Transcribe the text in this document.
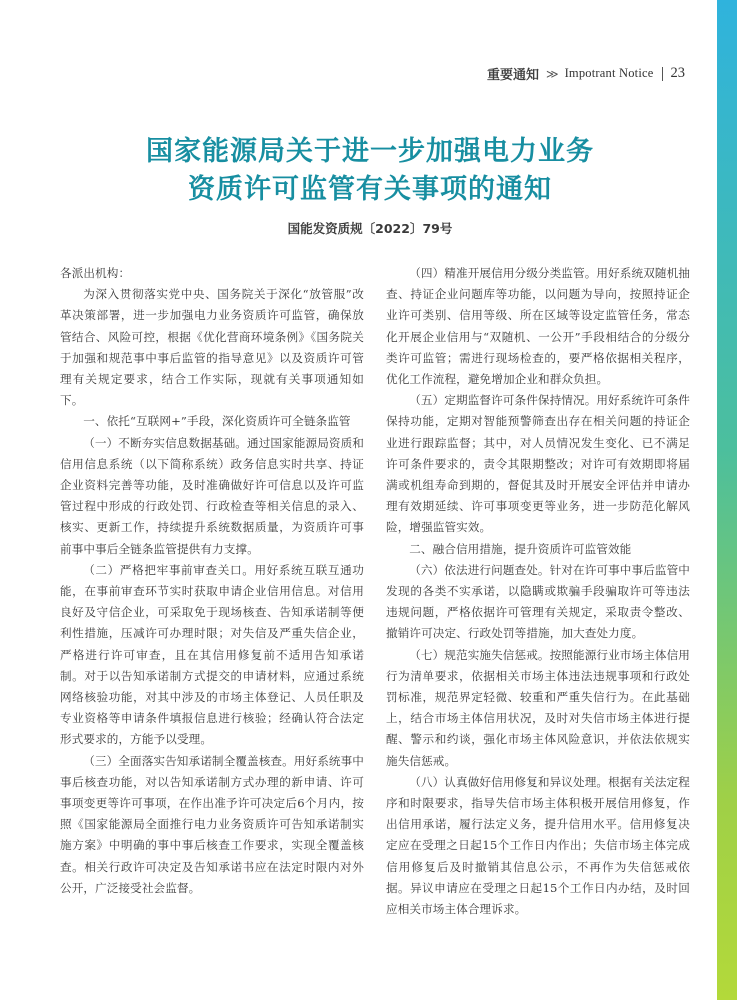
重要通知 ≫ Impotrant Notice 23
国家能源局关于进一步加强电力业务
资质许可监管有关事项的通知
国能发资质规〔2022〕79号

各派出机构：

为深入贯彻落实党中央、国务院关于深化“放管服”改革决策部署，进一步加强电力业务资质许可监管，确保放管结合、风险可控，根据《优化营商环境条例》《国务院关于加强和规范事中事后监管的指导意见》以及资质许可管理有关规定要求，结合工作实际，现就有关事项通知如下。

一、依托“互联网+”手段，深化资质许可全链条监管

（一）不断夯实信息数据基础。通过国家能源局资质和信用信息系统（以下简称系统）政务信息实时共享、持证企业资料完善等功能，及时准确做好许可信息以及许可监管过程中形成的行政处罚、行政检查等相关信息的录入、核实、更新工作，持续提升系统数据质量，为资质许可事前事中事后全链条监管提供有力支撑。

（二）严格把牢事前审查关口。用好系统互联互通功能，在事前审查环节实时获取申请企业信用信息。对信用良好及守信企业，可采取免于现场核查、告知承诺制等便利性措施，压减许可办理时限；对失信及严重失信企业，严格进行许可审查，且在其信用修复前不适用告知承诺制。对于以告知承诺制方式提交的申请材料，应通过系统网络核验功能，对其中涉及的市场主体登记、人员任职及专业资格等申请条件填报信息进行核验；经确认符合法定形式要求的，方能予以受理。

（三）全面落实告知承诺制全覆盖核查。用好系统事中事后核查功能，对以告知承诺制方式办理的新申请、许可事项变更等许可事项，在作出准予许可决定后6个月内，按照《国家能源局全面推行电力业务资质许可告知承诺制实施方案》中明确的事中事后核查工作要求，实现全覆盖核查。相关行政许可决定及告知承诺书应在法定时限内对外公开，广泛接受社会监督。

（四）精准开展信用分级分类监管。用好系统双随机抽查、持证企业问题库等功能，以问题为导向，按照持证企业许可类别、信用等级、所在区域等设定监管任务，常态化开展企业信用与“双随机、一公开”手段相结合的分级分类许可监管；需进行现场检查的，要严格依据相关程序，优化工作流程，避免增加企业和群众负担。

（五）定期监督许可条件保持情况。用好系统许可条件保持功能，定期对智能预警筛查出存在相关问题的持证企业进行跟踪监督；其中，对人员情况发生变化、已不满足许可条件要求的，责令其限期整改；对许可有效期即将届满或机组寿命到期的，督促其及时开展安全评估并申请办理有效期延续、许可事项变更等业务，进一步防范化解风险，增强监管实效。

二、融合信用措施，提升资质许可监管效能

（六）依法进行问题查处。针对在许可事中事后监管中发现的各类不实承诺，以隐瞒或欺骗手段骗取许可等违法违规问题，严格依据许可管理有关规定，采取责令整改、撤销许可决定、行政处罚等措施，加大查处力度。

（七）规范实施失信惩戒。按照能源行业市场主体信用行为清单要求，依据相关市场主体违法违规事项和行政处罚标准，规范界定轻微、较重和严重失信行为。在此基础上，结合市场主体信用状况，及时对失信市场主体进行提醒、警示和约谈，强化市场主体风险意识，并依法依规实施失信惩戒。

（八）认真做好信用修复和异议处理。根据有关法定程序和时限要求，指导失信市场主体积极开展信用修复，作出信用承诺，履行法定义务，提升信用水平。信用修复决定应在受理之日起15个工作日内作出；失信市场主体完成信用修复后及时撤销其信息公示，不再作为失信惩戒依据。异议申请应在受理之日起15个工作日内办结，及时回应相关市场主体合理诉求。
